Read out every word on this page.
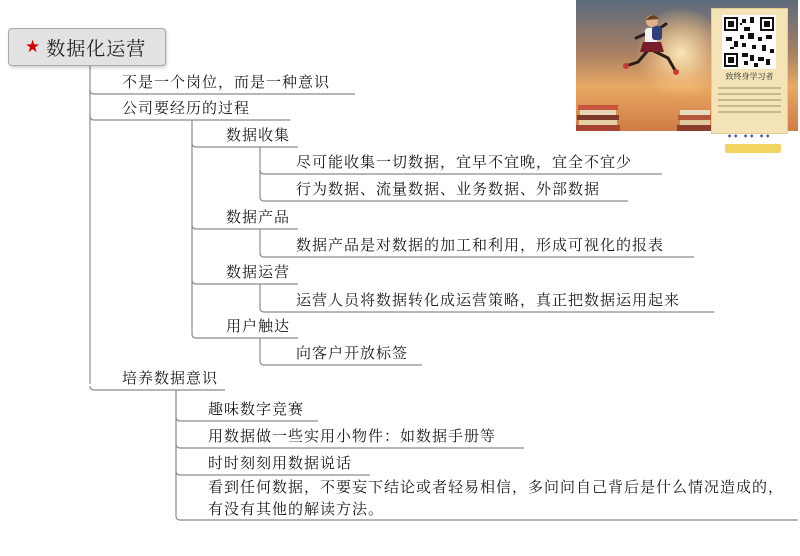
★ 数据化运营
不是一个岗位，而是一种意识
公司要经历的过程
培养数据意识
数据收集
数据产品
数据运营
用户触达
尽可能收集一切数据，宜早不宜晚，宜全不宜少
行为数据、流量数据、业务数据、外部数据
数据产品是对数据的加工和利用，形成可视化的报表
运营人员将数据转化成运营策略，真正把数据运用起来
向客户开放标签
趣味数字竞赛
用数据做一些实用小物件：如数据手册等
时时刻刻用数据说话
看到任何数据，不要妄下结论或者轻易相信，多问问自己背后是什么情况造成的，有没有其他的解读方法。
致终身学习者
•• •• ••
